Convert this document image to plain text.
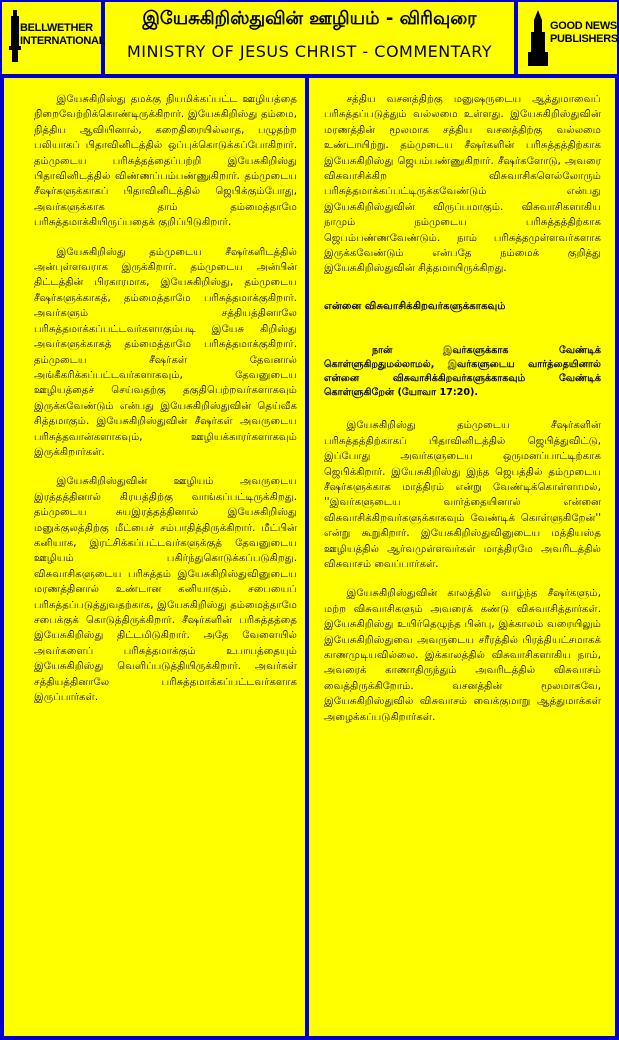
BELLWETHER
INTERNATIONAL
இயேசுகிறிஸ்துவின் ஊழியம் - விரிவுரை
MINISTRY OF JESUS CHRIST - COMMENTARY
GOOD NEWS
PUBLISHERS

இயேசுகிறிஸ்து தமக்கு நியமிக்கப்பட்ட ஊழியத்தை நிறைவேற்றிக்கொண்டிருக்கிறார். இயேசுகிறிஸ்து தம்மை, நித்திய ஆவியினால், கறைதிரையில்லாத, பழுதற்ற பலியாகப் பிதாவினிடத்தில் ஒப்புக்கொடுக்கப்போகிறார். தம்முடைய பரிசுத்தத்தைப்பற்றி இயேசுகிறிஸ்து பிதாவினிடத்தில் விண்ணப்பம்பண்ணுகிறார். தம்முடைய சீஷர்களுக்காகப் பிதாவினிடத்தில் ஜெபிக்கும்போது, அவர்களுக்காக தாம் தம்மைத்தாமே பரிசுத்தமாக்கியிருப்பதைக் குறிப்பிடுகிறார்.

இயேசுகிறிஸ்து தம்முடைய சீஷர்களிடத்தில் அன்புள்ளவராக இருக்கிறார். தம்முடைய அன்பின் திட்டத்தின் பிரகாரமாக, இயேசுகிறிஸ்து, தம்முடைய சீஷர்களுக்காகத், தம்மைத்தாமே பரிசுத்தமாக்குகிறார். அவர்களும் சத்தியத்தினாலே பரிசுத்தமாக்கப்பட்டவர்களாகும்படி இயேசு கிறிஸ்து அவர்களுக்காகத் தம்மைத்தாமே பரிசுத்தமாக்குகிறார். தம்முடைய சீஷர்கள் தேவனால் அங்கீகரிக்கப்பட்டவர்களாகவும், தேவனுடைய ஊழியத்தைச் செய்வதற்கு தகுதிபெற்றவர்களாகவும் இருக்கவேண்டும் என்பது இயேசுகிறிஸ்துவின் தெய்வீக சித்தமாகும். இயேசுகிறிஸ்துவின் சீஷர்கள் அவருடைய பரிசுத்தவான்களாகவும், ஊழியக்காரர்களாகவும் இருக்கிறார்கள்.

இயேசுகிறிஸ்துவின் ஊழியம் அவருடைய இரத்தத்தினால் கிரயத்திற்கு வாங்கப்பட்டிருக்கிறது. தம்முடைய சுயஇரத்தத்தினால் இயேசுகிறிஸ்து மனுக்குலத்திற்கு மீட்பைச் சம்பாதித்திருக்கிறார். மீட்பின் கனியாக, இரட்சிக்கப்பட்டவர்களுக்குத் தேவனுடைய ஊழியம் பகிர்ந்துகொடுக்கப்படுகிறது. விசுவாசிகளுடைய பரிசுத்தம் இயேசுகிறிஸ்துவினுடைய மரணத்தினால் உண்டான கனியாகும். சபையைப் பரிசுத்தப்படுத்துவதற்காக, இயேசுகிறிஸ்து தம்மைத்தாமே சபைக்குக் கொடுத்திருக்கிறார். சீஷர்களின் பரிசுத்தத்தை இயேசுகிறிஸ்து திட்டமிடுகிறார். அதே வேளையில் அவர்களைப் பரிசுத்தமாக்கும் உபாயத்தையும் இயேசுகிறிஸ்து வெளிப்படுத்தியிருக்கிறார். அவர்கள் சத்தியத்தினாலே பரிசுத்தமாக்கப்பட்டவர்களாக இருப்பார்கள்.

சத்திய வசனத்திற்கு மனுஷருடைய ஆத்துமாவைப் பரிசுத்தப்படுத்தும் வல்லமை உள்ளது. இயேசுகிறிஸ்துவின் மரணத்தின் மூலமாக சத்திய வசனத்திற்கு வல்லமை உண்டாயிற்று. தம்முடைய சீஷர்களின் பரிசுத்தத்திற்காக இயேசுகிறிஸ்து ஜெபம்பண்ணுகிறார். சீஷர்களோடு, அவரை விசுவாசிக்கிற விசுவாசிகளெல்லோரும் பரிசுத்தமாக்கப்பட்டிருக்கவேண்டும் என்பது இயேசுகிறிஸ்துவின் விருப்பமாகும். விசுவாசிகளாகிய நாமும் நம்முடைய பரிசுத்தத்திற்காக ஜெபம்பண்ணவேண்டும். நாம் பரிசுத்தமுள்ளவர்களாக இருக்கவேண்டும் என்பதே நம்மைக் குறித்து இயேசுகிறிஸ்துவின் சித்தமாயிருக்கிறது.

என்னை விசுவாசிக்கிறவர்களுக்காகவும்

நான் இவர்களுக்காக வேண்டிக் கொள்ளுகிறதுமல்லாமல், இவர்களுடைய வார்த்தையினால் என்னை விசுவாசிக்கிறவர்களுக்காகவும் வேண்டிக் கொள்ளுகிறேன் (யோவா 17:20).

இயேசுகிறிஸ்து தம்முடைய சீஷர்களின் பரிசுத்தத்திற்காகப் பிதாவினிடத்தில் ஜெபித்துவிட்டு, இப்போது அவர்களுடைய ஒருமனப்பாட்டிற்காக ஜெபிக்கிறார். இயேசுகிறிஸ்து இந்த ஜெபத்தில் தம்முடைய சீஷர்களுக்காக மாத்திரம் என்று வேண்டிக்கொள்ளாமல், ''இவர்களுடைய வார்த்தையினால் என்னை விசுவாசிக்கிறவர்களுக்காகவும் வேண்டிக் கொள்ளுகிறேன்'' என்று கூறுகிறார். இயேசுகிறிஸ்துவினுடைய மத்தியஸ்த ஊழியத்தில் ஆர்வமுள்ளவர்கள் மாத்திரமே அவரிடத்தில் விசுவாசம் வைப்பார்கள்.

இயேசுகிறிஸ்துவின் காலத்தில் வாழ்ந்த சீஷர்களும், மற்ற விசுவாசிகளும் அவரைக் கண்டு விசுவாசித்தார்கள். இயேசுகிறிஸ்து உயிர்தெழுந்த பின்பு, இக்காலம் வரையிலும் இயேசுகிறிஸ்துவை அவருடைய சரீரத்தில் பிரத்தியட்சமாகக் காணமுடியவில்லை. இக்காலத்தில் விசுவாசிகளாகிய நாம், அவரைக் காணாதிருந்தும் அவரிடத்தில் விசுவாசம் வைத்திருக்கிறோம். வசனத்தின் மூலமாகவே, இயேசுகிறிஸ்துவில் விசுவாசம் வைக்குமாறு ஆத்துமாக்கள் அழைக்கப்படுகிறார்கள்.
